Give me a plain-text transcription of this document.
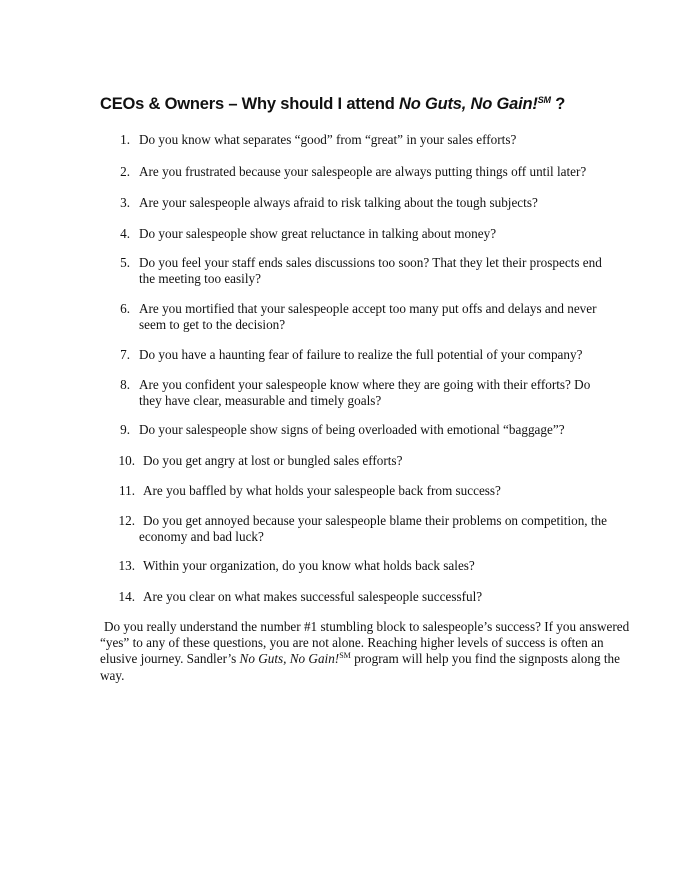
CEOs & Owners – Why should I attend No Guts, No Gain!℠ ?
1. Do you know what separates “good” from “great” in your sales efforts?
2. Are you frustrated because your salespeople are always putting things off until later?
3. Are your salespeople always afraid to risk talking about the tough subjects?
4. Do your salespeople show great reluctance in talking about money?
5. Do you feel your staff ends sales discussions too soon? That they let their prospects end
the meeting too easily?
6. Are you mortified that your salespeople accept too many put offs and delays and never
seem to get to the decision?
7. Do you have a haunting fear of failure to realize the full potential of your company?
8. Are you confident your salespeople know where they are going with their efforts? Do
they have clear, measurable and timely goals?
9. Do your salespeople show signs of being overloaded with emotional “baggage”?
10. Do you get angry at lost or bungled sales efforts?
11. Are you baffled by what holds your salespeople back from success?
12. Do you get annoyed because your salespeople blame their problems on competition, the
economy and bad luck?
13. Within your organization, do you know what holds back sales?
14. Are you clear on what makes successful salespeople successful?

Do you really understand the number #1 stumbling block to salespeople’s success? If you answered “yes” to any of these questions, you are not alone. Reaching higher levels of success is often an elusive journey. Sandler’s No Guts, No Gain!℠ program will help you find the signposts along the way.
